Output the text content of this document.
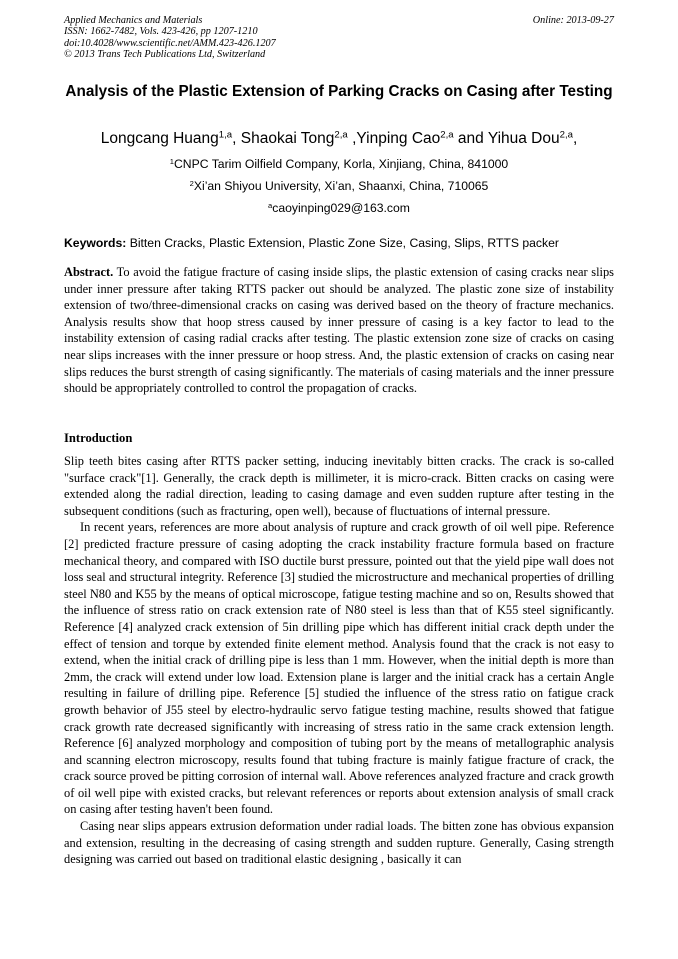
Applied Mechanics and Materials
ISSN: 1662-7482, Vols. 423-426, pp 1207-1210
doi:10.4028/www.scientific.net/AMM.423-426.1207
© 2013 Trans Tech Publications Ltd, Switzerland
Online: 2013-09-27
Analysis of the Plastic Extension of Parking Cracks on Casing after Testing
Longcang Huang$^{1,a}$, Shaokai Tong$^{2,a}$ ,Yinping Cao$^{2,a}$ and Yihua Dou$^{2,a}$,
$^1$CNPC Tarim Oilfield Company, Korla, Xinjiang, China, 841000
$^2$Xi’an Shiyou University, Xi’an, Shaanxi, China, 710065
$^a$caoyinping029@163.com
Keywords: Bitten Cracks, Plastic Extension, Plastic Zone Size, Casing, Slips, RTTS packer

Abstract. To avoid the fatigue fracture of casing inside slips, the plastic extension of casing cracks near slips under inner pressure after taking RTTS packer out should be analyzed. The plastic zone size of instability extension of two/three-dimensional cracks on casing was derived based on the theory of fracture mechanics. Analysis results show that hoop stress caused by inner pressure of casing is a key factor to lead to the instability extension of casing radial cracks after testing. The plastic extension zone size of cracks on casing near slips increases with the inner pressure or hoop stress. And, the plastic extension of cracks on casing near slips reduces the burst strength of casing significantly. The materials of casing materials and the inner pressure should be appropriately controlled to control the propagation of cracks.

Introduction

Slip teeth bites casing after RTTS packer setting, inducing inevitably bitten cracks. The crack is so-called "surface crack"[1]. Generally, the crack depth is millimeter, it is micro-crack. Bitten cracks on casing were extended along the radial direction, leading to casing damage and even sudden rupture after testing in the subsequent conditions (such as fracturing, open well), because of fluctuations of internal pressure.

In recent years, references are more about analysis of rupture and crack growth of oil well pipe. Reference [2] predicted fracture pressure of casing adopting the crack instability fracture formula based on fracture mechanical theory, and compared with ISO ductile burst pressure, pointed out that the yield pipe wall does not loss seal and structural integrity. Reference [3] studied the microstructure and mechanical properties of drilling steel N80 and K55 by the means of optical microscope, fatigue testing machine and so on, Results showed that the influence of stress ratio on crack extension rate of N80 steel is less than that of K55 steel significantly. Reference [4] analyzed crack extension of 5in drilling pipe which has different initial crack depth under the effect of tension and torque by extended finite element method. Analysis found that the crack is not easy to extend, when the initial crack of drilling pipe is less than 1 mm. However, when the initial depth is more than 2mm, the crack will extend under low load. Extension plane is larger and the initial crack has a certain Angle resulting in failure of drilling pipe. Reference [5] studied the influence of the stress ratio on fatigue crack growth behavior of J55 steel by electro-hydraulic servo fatigue testing machine, results showed that fatigue crack growth rate decreased significantly with increasing of stress ratio in the same crack extension length. Reference [6] analyzed morphology and composition of tubing port by the means of metallographic analysis and scanning electron microscopy, results found that tubing fracture is mainly fatigue fracture of crack, the crack source proved be pitting corrosion of internal wall. Above references analyzed fracture and crack growth of oil well pipe with existed cracks, but relevant references or reports about extension analysis of small crack on casing after testing haven't been found.

Casing near slips appears extrusion deformation under radial loads. The bitten zone has obvious expansion and extension, resulting in the decreasing of casing strength and sudden rupture. Generally, Casing strength designing was carried out based on traditional elastic designing , basically it can
